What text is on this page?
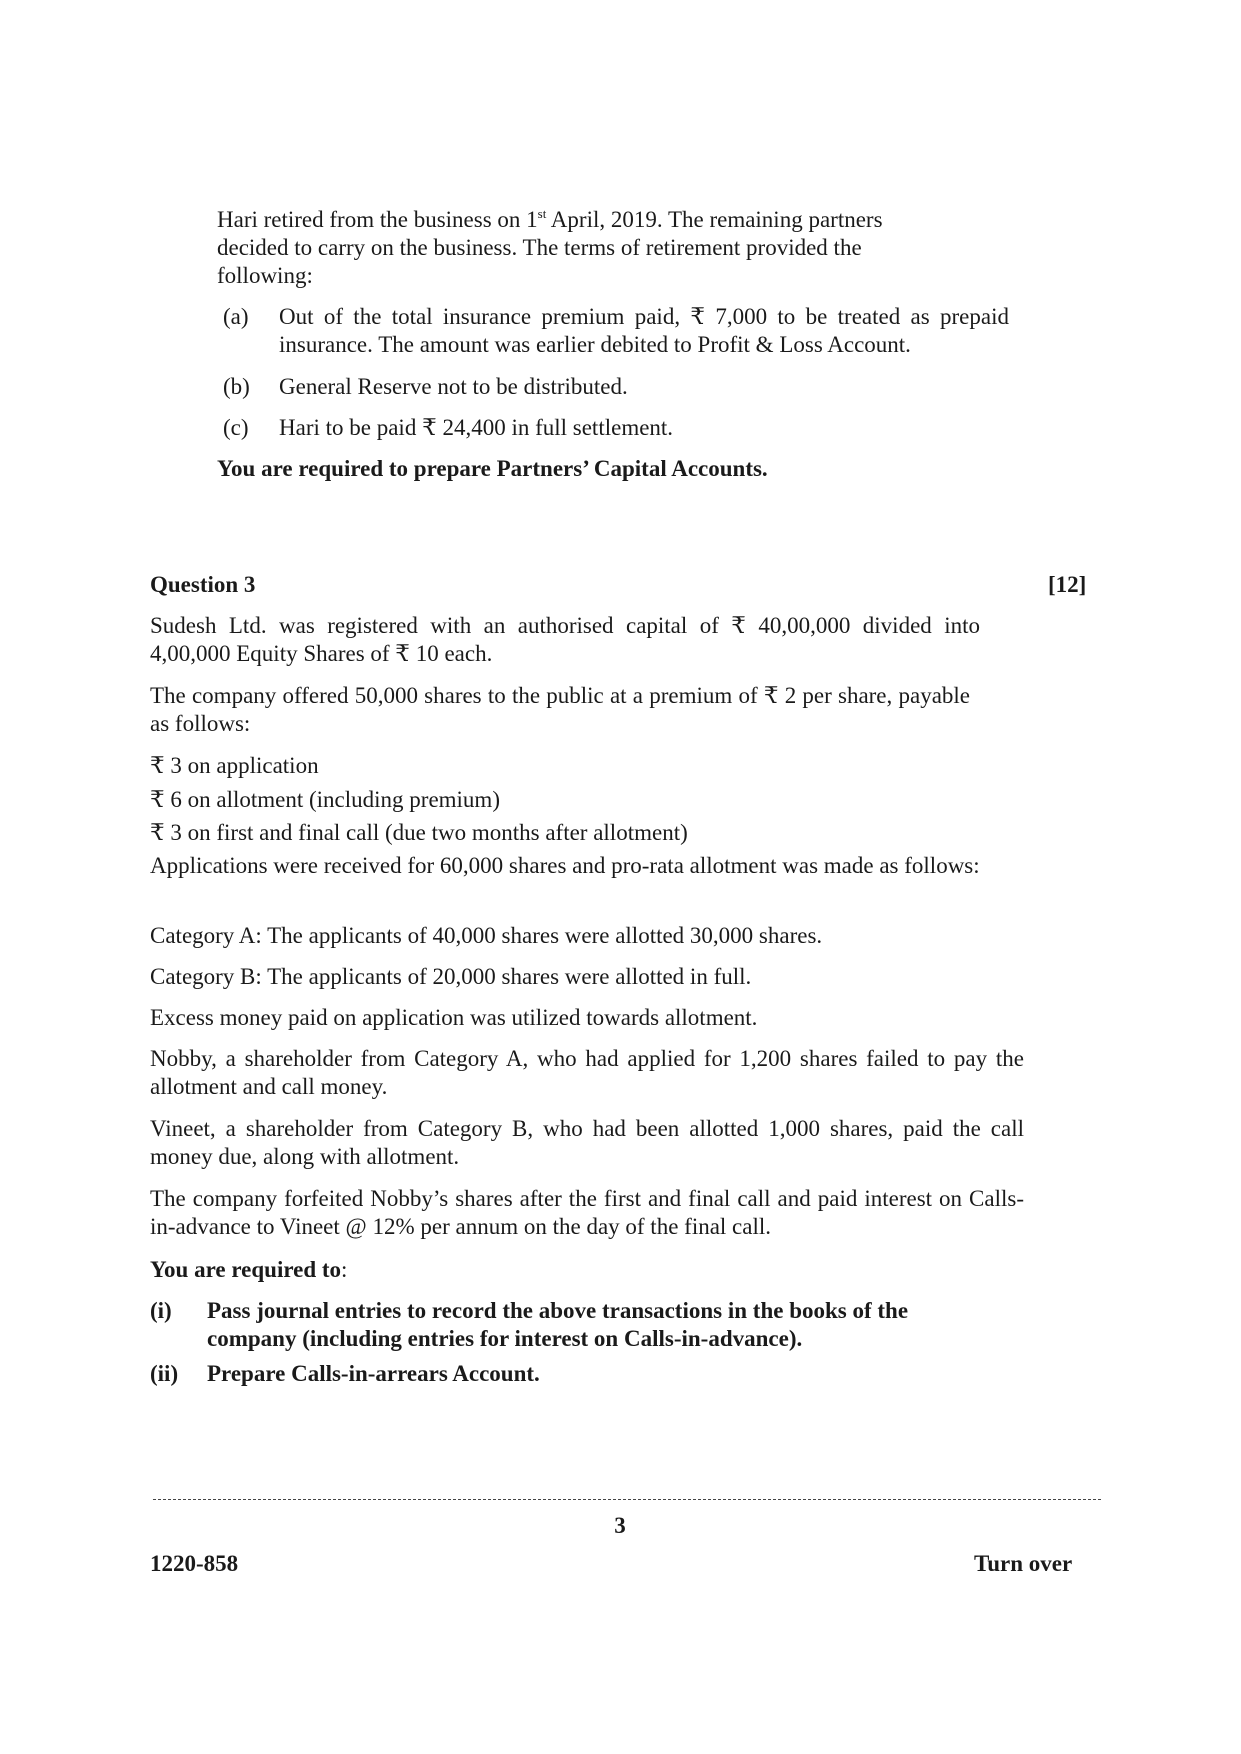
Hari retired from the business on 1st April, 2019. The remaining partners
decided to carry on the business. The terms of retirement provided the
following:
(a) Out of the total insurance premium paid, ₹ 7,000 to be treated as prepaid insurance. The amount was earlier debited to Profit & Loss Account.
(b) General Reserve not to be distributed.
(c) Hari to be paid ₹ 24,400 in full settlement.
You are required to prepare Partners’ Capital Accounts.
Question 3	[12]
Sudesh Ltd. was registered with an authorised capital of ₹ 40,00,000 divided into 4,00,000 Equity Shares of ₹ 10 each.
The company offered 50,000 shares to the public at a premium of ₹ 2 per share, payable as follows:
₹ 3 on application
₹ 6 on allotment (including premium)
₹ 3 on first and final call (due two months after allotment)
Applications were received for 60,000 shares and pro-rata allotment was made as follows:
Category A: The applicants of 40,000 shares were allotted 30,000 shares.
Category B: The applicants of 20,000 shares were allotted in full.
Excess money paid on application was utilized towards allotment.
Nobby, a shareholder from Category A, who had applied for 1,200 shares failed to pay the allotment and call money.
Vineet, a shareholder from Category B, who had been allotted 1,000 shares, paid the call money due, along with allotment.
The company forfeited Nobby’s shares after the first and final call and paid interest on Calls-in-advance to Vineet @ 12% per annum on the day of the final call.
You are required to:
(i) Pass journal entries to record the above transactions in the books of the company (including entries for interest on Calls-in-advance).
(ii) Prepare Calls-in-arrears Account.
3
1220-858	Turn over
